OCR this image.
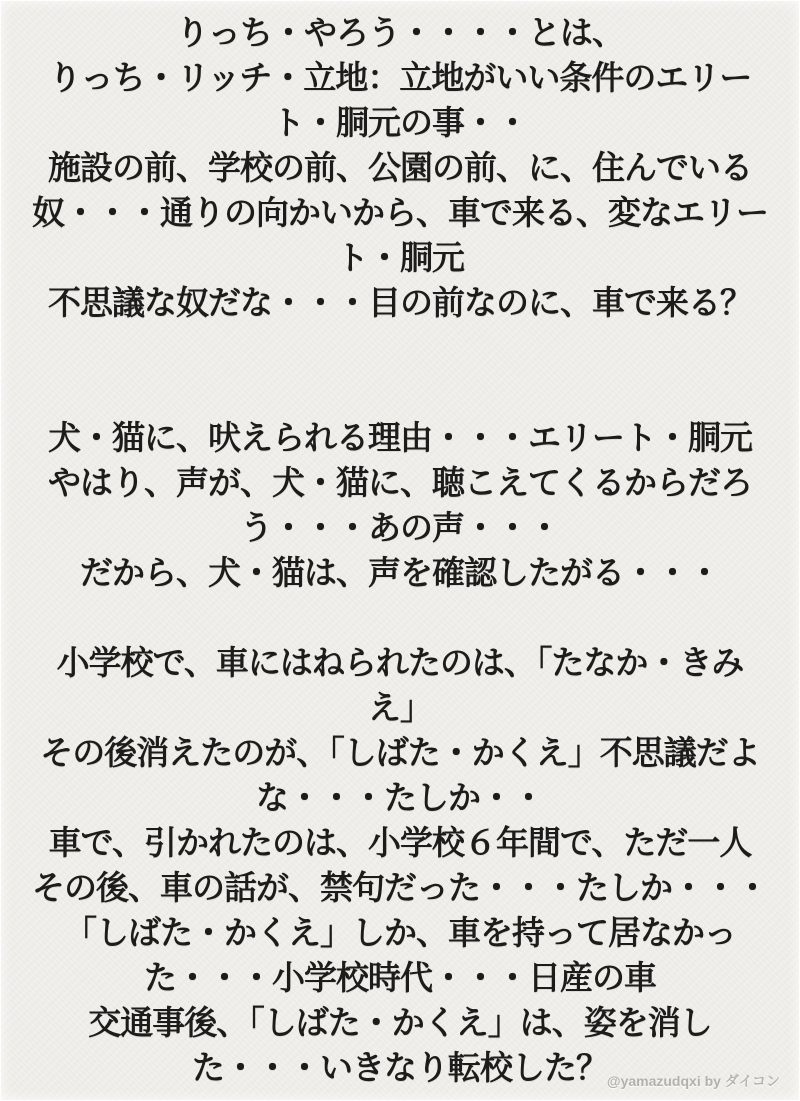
りっち・やろう・・・・とは、
りっち・リッチ・立地：立地がいい条件のエリー
ト・胴元の事・・
施設の前、学校の前、公園の前、に、住んでいる
奴・・・通りの向かいから、車で来る、変なエリー
ト・胴元
不思議な奴だな・・・目の前なのに、車で来る？
犬・猫に、吠えられる理由・・・エリート・胴元
やはり、声が、犬・猫に、聴こえてくるからだろ
う・・・あの声・・・
だから、犬・猫は、声を確認したがる・・・
小学校で、車にはねられたのは、「たなか・きみ
え」
その後消えたのが、「しばた・かくえ」不思議だよ
な・・・たしか・・
車で、引かれたのは、小学校６年間で、ただ一人
その後、車の話が、禁句だった・・・たしか・・・
「しばた・かくえ」しか、車を持って居なかっ
た・・・小学校時代・・・日産の車
交通事後、「しばた・かくえ」は、姿を消し
た・・・いきなり転校した？
@yamazudqxi by ダイコン
